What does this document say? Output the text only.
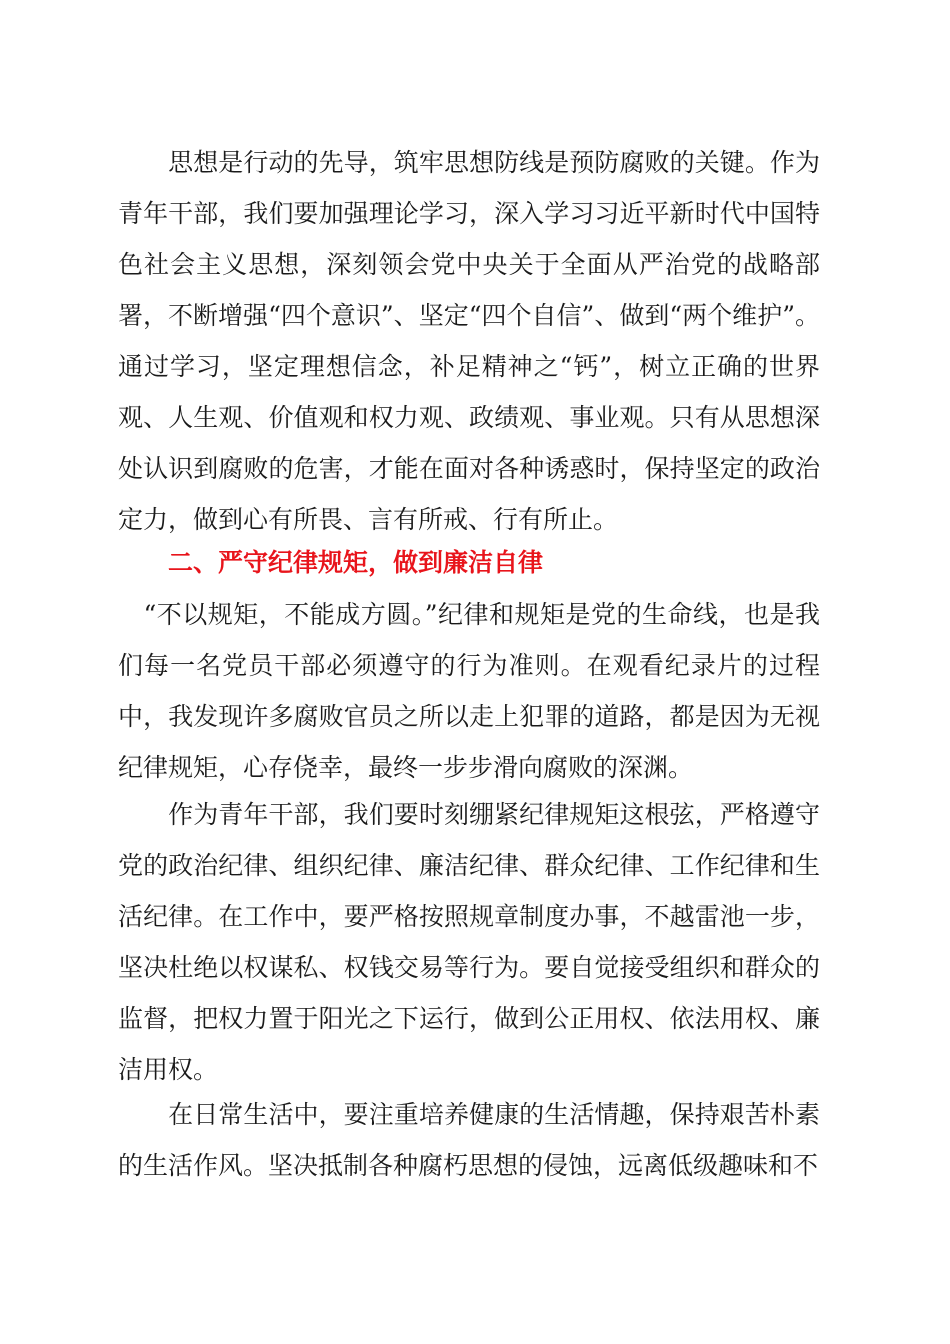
　　思想是行动的先导，筑牢思想防线是预防腐败的关键。作为青年干部，我们要加强理论学习，深入学习习近平新时代中国特色社会主义思想，深刻领会党中央关于全面从严治党的战略部署，不断增强“四个意识”、坚定“四个自信”、做到“两个维护”。通过学习，坚定理想信念，补足精神之“钙”，树立正确的世界观、人生观、价值观和权力观、政绩观、事业观。只有从思想深处认识到腐败的危害，才能在面对各种诱惑时，保持坚定的政治定力，做到心有所畏、言有所戒、行有所止。

二、严守纪律规矩，做到廉洁自律

　“不以规矩，不能成方圆。”纪律和规矩是党的生命线，也是我们每一名党员干部必须遵守的行为准则。在观看纪录片的过程中，我发现许多腐败官员之所以走上犯罪的道路，都是因为无视纪律规矩，心存侥幸，最终一步步滑向腐败的深渊。

　　作为青年干部，我们要时刻绷紧纪律规矩这根弦，严格遵守党的政治纪律、组织纪律、廉洁纪律、群众纪律、工作纪律和生活纪律。在工作中，要严格按照规章制度办事，不越雷池一步，坚决杜绝以权谋私、权钱交易等行为。要自觉接受组织和群众的监督，把权力置于阳光之下运行，做到公正用权、依法用权、廉洁用权。

　　在日常生活中，要注重培养健康的生活情趣，保持艰苦朴素的生活作风。坚决抵制各种腐朽思想的侵蚀，远离低级趣味和不
